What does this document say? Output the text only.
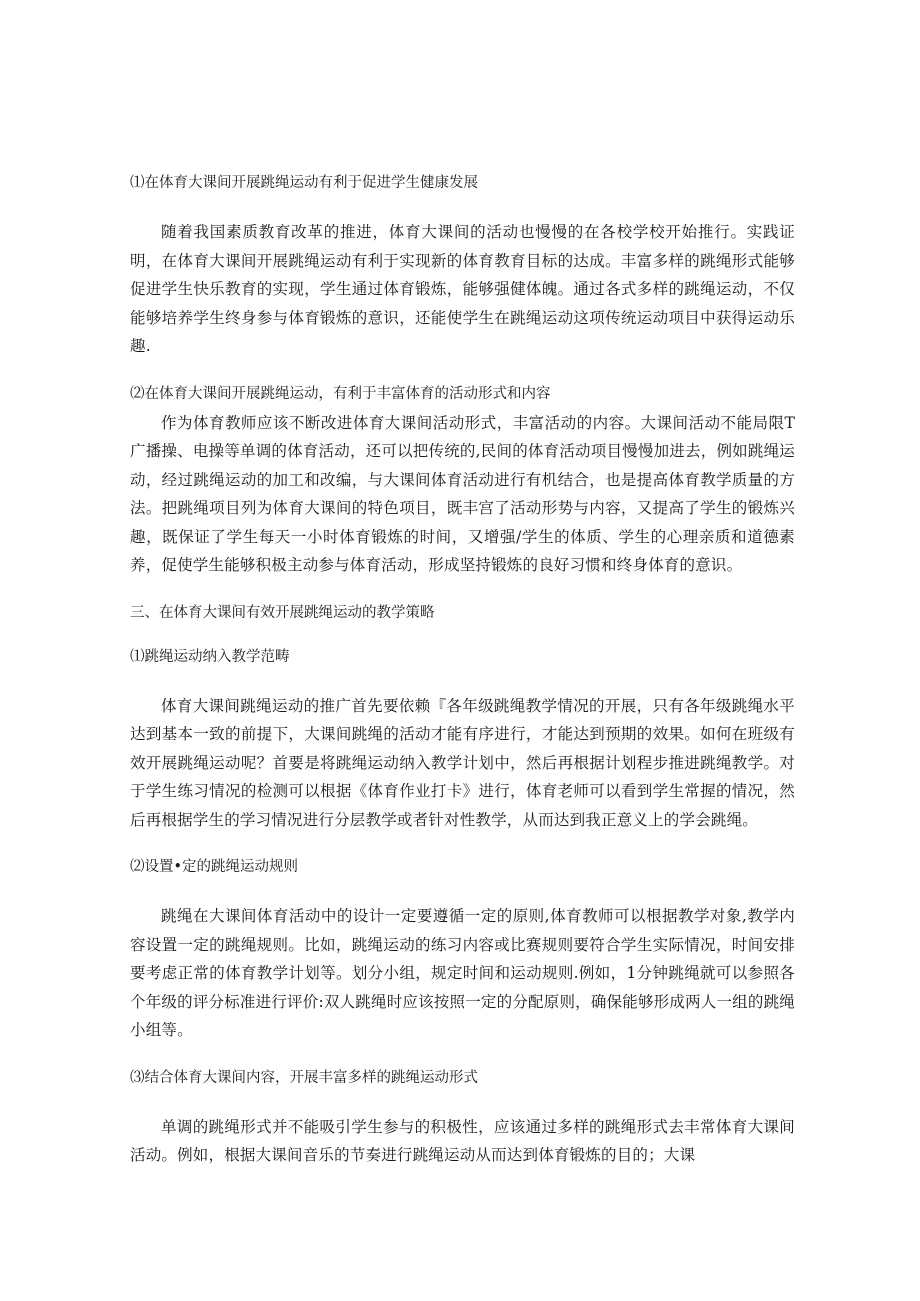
⑴在体育大课间开展跳绳运动有利于促进学生健康发展

随着我国素质教育改革的推进，体育大课间的活动也慢慢的在各校学校开始推行。实践证明，在体育大课间开展跳绳运动有利于实现新的体育教育目标的达成。丰富多样的跳绳形式能够促进学生快乐教育的实现，学生通过体育锻炼，能够强健体魄。通过各式多样的跳绳运动，不仅能够培养学生终身参与体育锻炼的意识，还能使学生在跳绳运动这项传统运动项目中获得运动乐趣.

⑵在体育大课间开展跳绳运动，有利于丰富体育的活动形式和内容

作为体育教师应该不断改进体育大课间活动形式，丰富活动的内容。大课间活动不能局限T广播操、电操等单调的体育活动，还可以把传统的,民间的体育活动项目慢慢加进去，例如跳绳运动，经过跳绳运动的加工和改编，与大课间体育活动进行有机结合，也是提高体育教学质量的方法。把跳绳项目列为体育大课间的特色项目，既丰宫了活动形势与内容，又提高了学生的锻炼兴趣，既保证了学生每天一小时体育锻炼的时间，又增强/学生的体质、学生的心理亲质和道德素养，促使学生能够积极主动参与体育活动，形成坚持锻炼的良好习惯和终身体育的意识。

三、在体育大课间有效开展跳绳运动的教学策略

⑴跳绳运动纳入教学范畴

体育大课间跳绳运动的推广首先要依赖『各年级跳绳教学情况的开展，只有各年级跳绳水平达到基本一致的前提下，大课间跳绳的活动才能有序进行，才能达到预期的效果。如何在班级有效开展跳绳运动呢？首要是将跳绳运动纳入教学计划中，然后再根据计划程步推进跳绳教学。对于学生练习情况的检测可以根据《体育作业打卡》进行，体育老师可以看到学生常握的情况，然后再根据学生的学习情况进行分层教学或者针对性教学，从而达到我正意义上的学会跳绳。

⑵设置•定的跳绳运动规则

跳绳在大课间体育活动中的设计一定要遵循一定的原则,体育教师可以根据教学对象,教学内容设置一定的跳绳规则。比如，跳绳运动的练习内容或比赛规则要符合学生实际情况，时间安排要考虑正常的体育教学计划等。划分小组，规定时间和运动规则.例如，1分钟跳绳就可以参照各个年级的评分标准进行评价:双人跳绳时应该按照一定的分配原则，确保能够形成两人一组的跳绳小组等。

⑶结合体育大课间内容，开展丰富多样的跳绳运动形式

单调的跳绳形式并不能吸引学生参与的积极性，应该通过多样的跳绳形式去丰常体育大课间活动。例如，根据大课间音乐的节奏进行跳绳运动从而达到体育锻炼的目的；大课
